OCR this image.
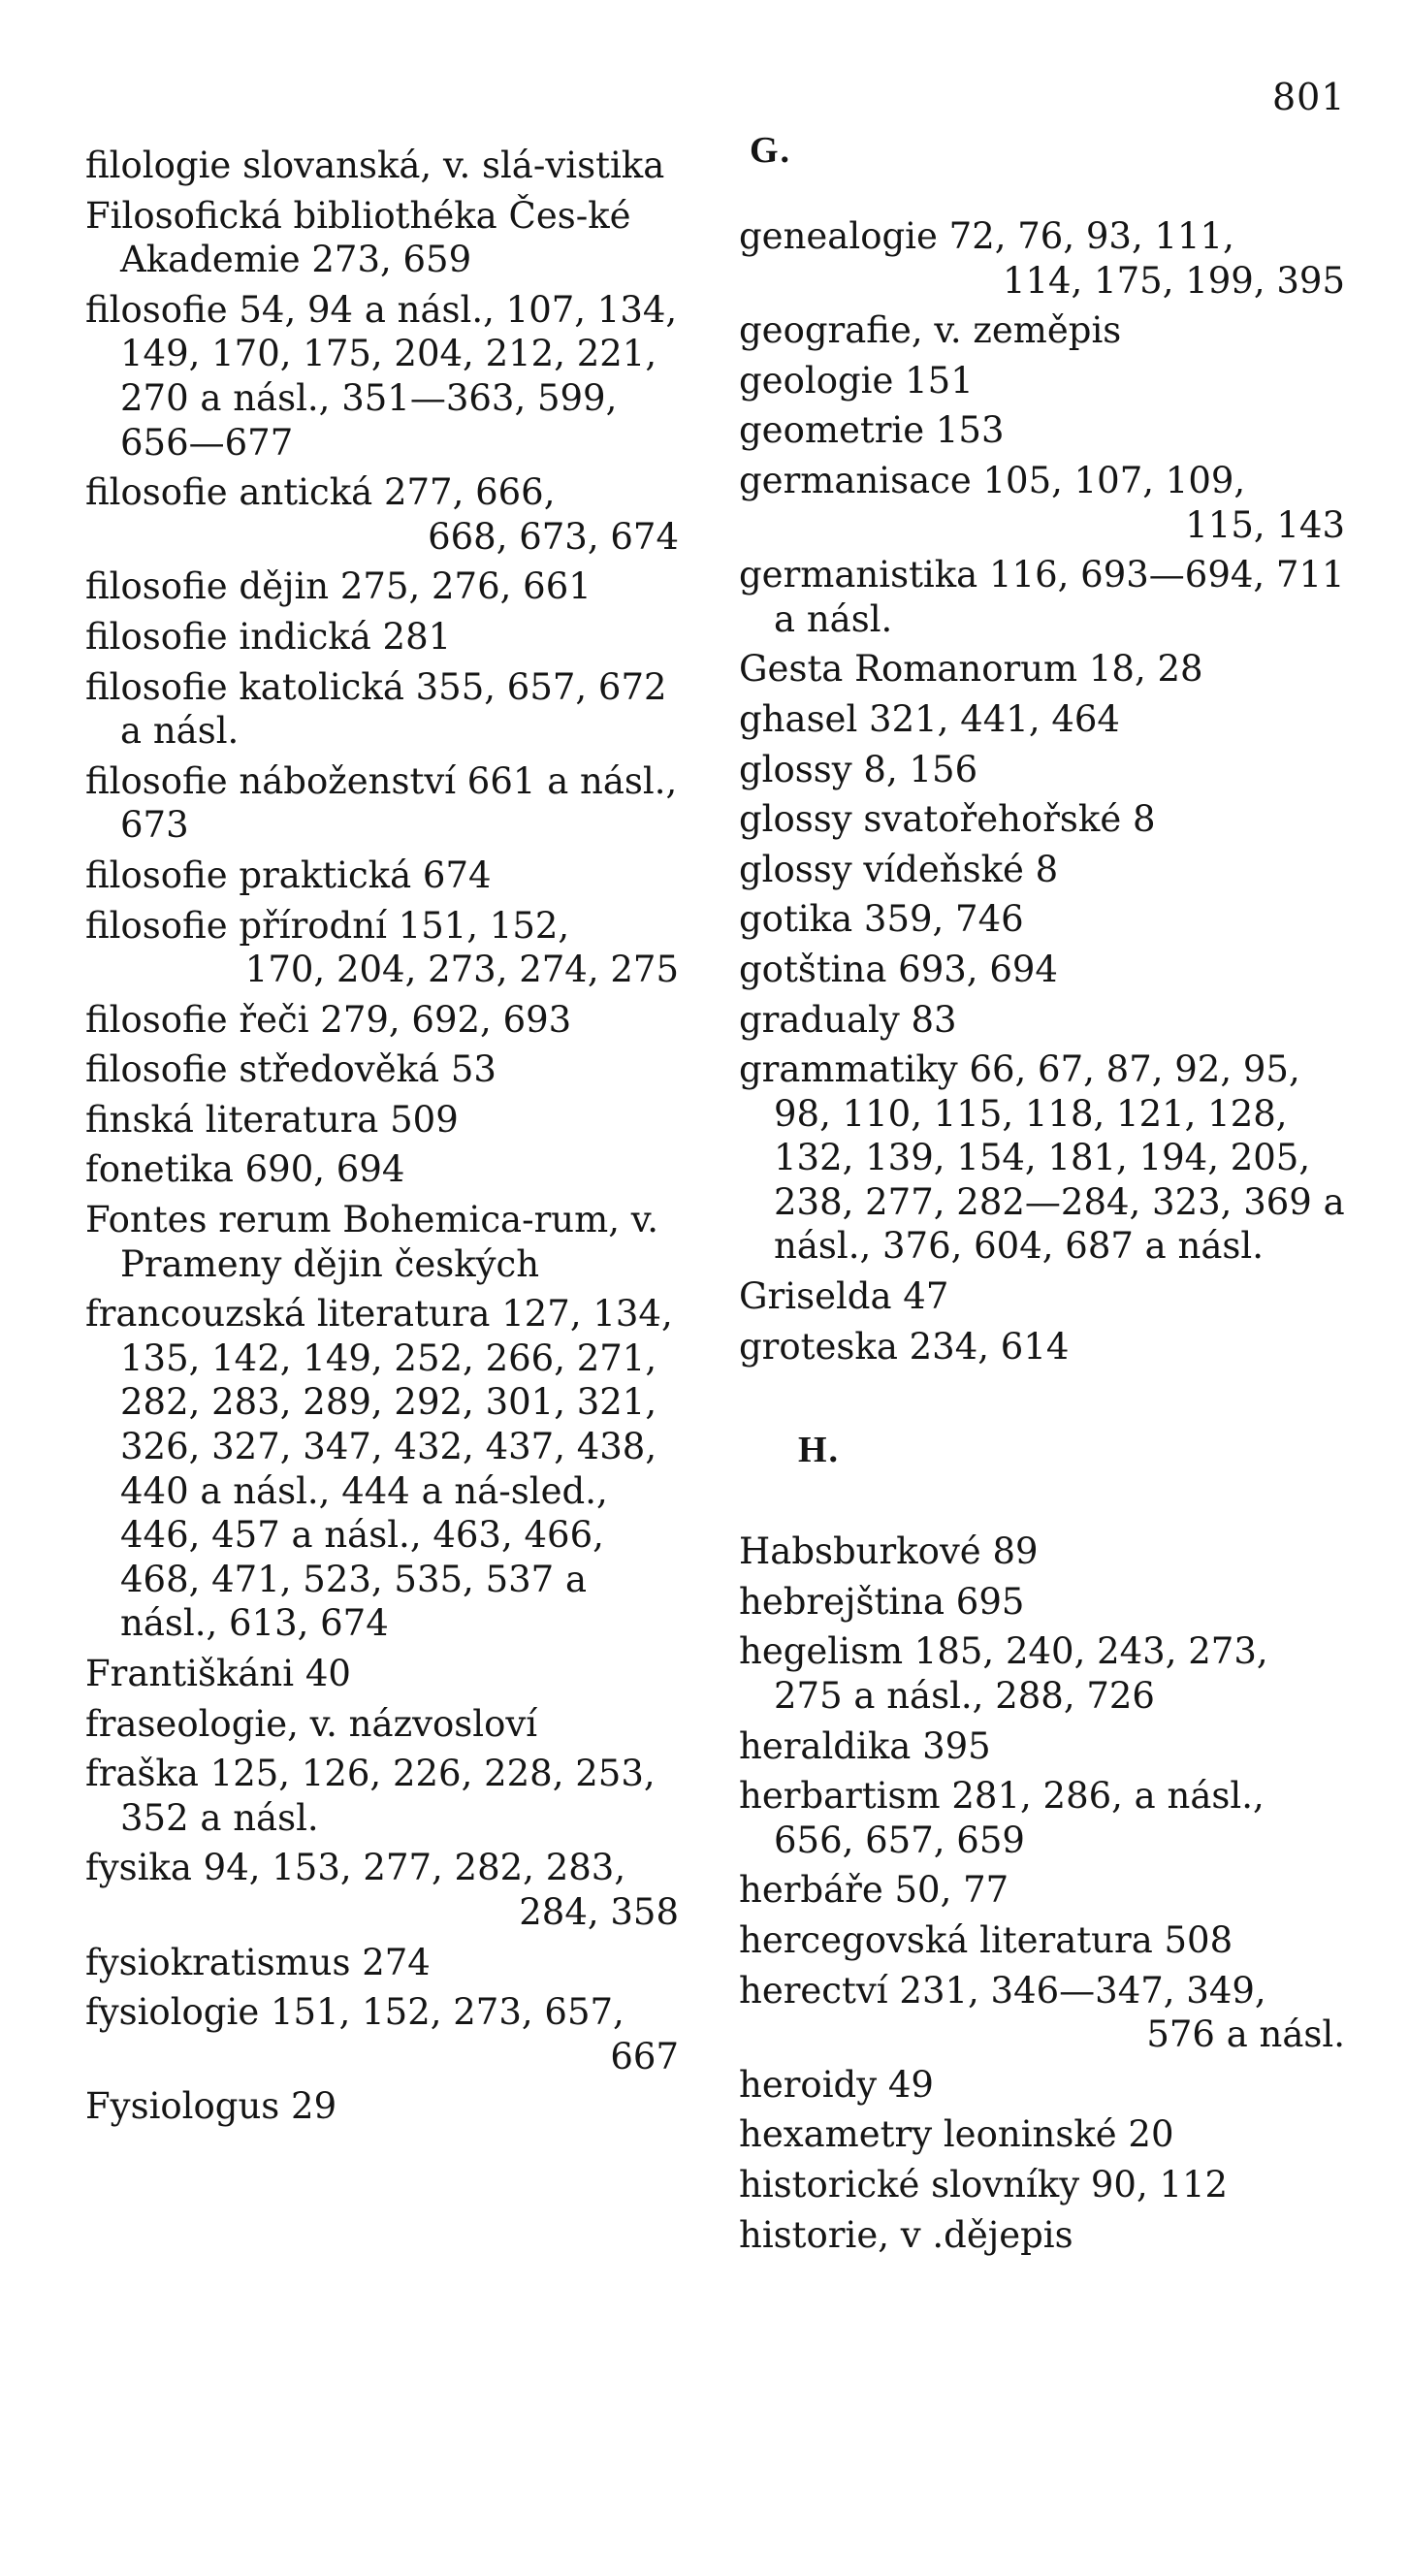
801
filologie slovanská, v. slá-vistika
Filosofická bibliothéka Čes-ké Akademie 273, 659
filosofie 54, 94 a násl., 107, 134, 149, 170, 175, 204, 212, 221, 270 a násl., 351—363, 599, 656—677
filosofie antická 277, 666,
668, 673, 674
filosofie dějin 275, 276, 661
filosofie indická 281
filosofie katolická 355, 657, 672 a násl.
filosofie náboženství 661 a násl., 673
filosofie praktická 674
filosofie přírodní 151, 152,
170, 204, 273, 274, 275
filosofie řeči 279, 692, 693
filosofie středověká 53
finská literatura 509
fonetika 690, 694
Fontes rerum Bohemica-rum, v. Prameny dějin českých
francouzská literatura 127, 134, 135, 142, 149, 252, 266, 271, 282, 283, 289, 292, 301, 321, 326, 327, 347, 432, 437, 438, 440 a násl., 444 a ná-sled., 446, 457 a násl., 463, 466, 468, 471, 523, 535, 537 a násl., 613, 674
Františkáni 40
fraseologie, v. názvosloví
fraška 125, 126, 226, 228, 253, 352 a násl.
fysika 94, 153, 277, 282, 283,
284, 358
fysiokratismus 274
fysiologie 151, 152, 273, 657,
667
Fysiologus 29
G.
genealogie 72, 76, 93, 111,
114, 175, 199, 395
geografie, v. zeměpis
geologie 151
geometrie 153
germanisace 105, 107, 109,
115, 143
germanistika 116, 693—694, 711 a násl.
Gesta Romanorum 18, 28
ghasel 321, 441, 464
glossy 8, 156
glossy svatořehořské 8
glossy vídeňské 8
gotika 359, 746
gotština 693, 694
gradualy 83
grammatiky 66, 67, 87, 92, 95, 98, 110, 115, 118, 121, 128, 132, 139, 154, 181, 194, 205, 238, 277, 282—284, 323, 369 a násl., 376, 604, 687 a násl.
Griselda 47
groteska 234, 614
H.
Habsburkové 89
hebrejština 695
hegelism 185, 240, 243, 273, 275 a násl., 288, 726
heraldika 395
herbartism 281, 286, a násl., 656, 657, 659
herbáře 50, 77
hercegovská literatura 508
herectví 231, 346—347, 349,
576 a násl.
heroidy 49
hexametry leoninské 20
historické slovníky 90, 112
historie, v .dějepis
